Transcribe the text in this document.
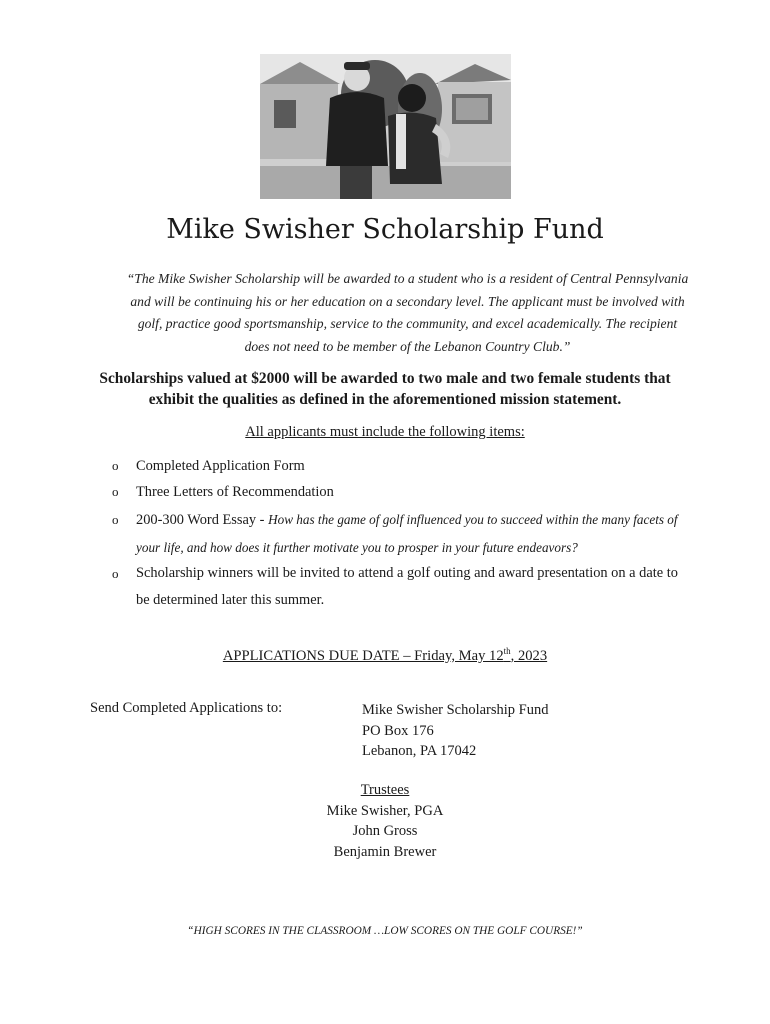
Mike Swisher Scholarship Fund
“The Mike Swisher Scholarship will be awarded to a student who is a resident of Central Pennsylvania and will be continuing his or her education on a secondary level. The applicant must be involved with golf, practice good sportsmanship, service to the community, and excel academically. The recipient does not need to be member of the Lebanon Country Club.”
Scholarships valued at $2000 will be awarded to two male and two female students that exhibit the qualities as defined in the aforementioned mission statement.
All applicants must include the following items:
o Completed Application Form
o Three Letters of Recommendation
o 200-300 Word Essay - How has the game of golf influenced you to succeed within the many facets of your life, and how does it further motivate you to prosper in your future endeavors?
o Scholarship winners will be invited to attend a golf outing and award presentation on a date to be determined later this summer.
APPLICATIONS DUE DATE – Friday, May 12th, 2023
Send Completed Applications to:	Mike Swisher Scholarship Fund
PO Box 176
Lebanon, PA 17042
Trustees
Mike Swisher, PGA
John Gross
Benjamin Brewer
“HIGH SCORES IN THE CLASSROOM …LOW SCORES ON THE GOLF COURSE!”
